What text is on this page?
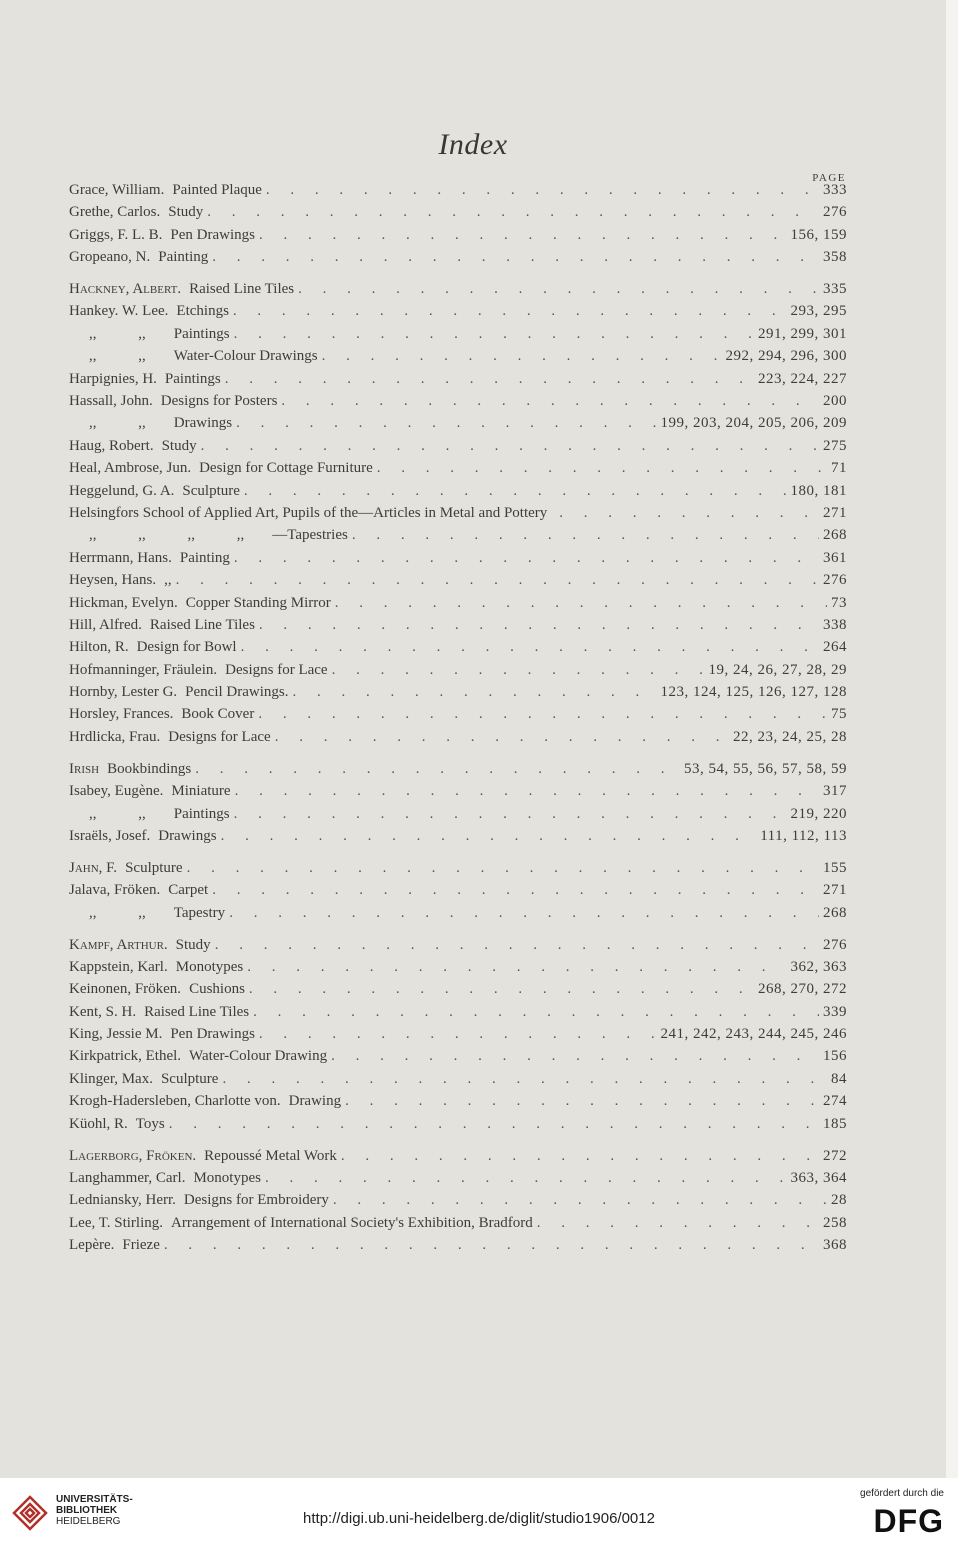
Index
PAGE
Grace, William. Painted Plaque . . .	333
Grethe, Carlos. Study . . .	276
Griggs, F. L. B. Pen Drawings . . .	156, 159
Gropeano, N. Painting . . .	358
Hackney, Albert. Raised Line Tiles . . .	335
Hankey. W. Lee. Etchings . . .	293, 295
,, ,, Paintings . . .	291, 299, 301
,, ,, Water-Colour Drawings . . .	292, 294, 296, 300
Harpignies, H. Paintings . . .	223, 224, 227
Hassall, John. Designs for Posters . . .	200
,, ,, Drawings . . .	199, 203, 204, 205, 206, 209
Haug, Robert. Study . . .	275
Heal, Ambrose, Jun. Design for Cottage Furniture . . .	71
Heggelund, G. A. Sculpture . . .	180, 181
Helsingfors School of Applied Art, Pupils of the—Articles in Metal and Pottery . . .	271
,, ,, ,, ,, —Tapestries . . .	268
Herrmann, Hans. Painting . . .	361
Heysen, Hans. ,, . . .	276
Hickman, Evelyn. Copper Standing Mirror . . .	73
Hill, Alfred. Raised Line Tiles . . .	338
Hilton, R. Design for Bowl . . .	264
Hofmanninger, Fräulein. Designs for Lace . . .	19, 24, 26, 27, 28, 29
Hornby, Lester G. Pencil Drawings. . . .	123, 124, 125, 126, 127, 128
Horsley, Frances. Book Cover . . .	75
Hrdlicka, Frau. Designs for Lace . . .	22, 23, 24, 25, 28
Irish Bookbindings . . .	53, 54, 55, 56, 57, 58, 59
Isabey, Eugène. Miniature . . .	317
,, ,, Paintings . . .	219, 220
Israëls, Josef. Drawings . . .	111, 112, 113
Jahn, F. Sculpture . . .	155
Jalava, Fröken. Carpet . . .	271
,, ,, Tapestry . . .	268
Kampf, Arthur. Study . . .	276
Kappstein, Karl. Monotypes . . .	362, 363
Keinonen, Fröken. Cushions . . .	268, 270, 272
Kent, S. H. Raised Line Tiles . . .	339
King, Jessie M. Pen Drawings . . .	241, 242, 243, 244, 245, 246
Kirkpatrick, Ethel. Water-Colour Drawing . . .	156
Klinger, Max. Sculpture . . .	84
Krogh-Hadersleben, Charlotte von. Drawing . . .	274
Küohl, R. Toys . . .	185
Lagerborg, Fröken. Repoussé Metal Work . . .	272
Langhammer, Carl. Monotypes . . .	363, 364
Ledniansky, Herr. Designs for Embroidery . . .	28
Lee, T. Stirling. Arrangement of International Society's Exhibition, Bradford . . .	258
Lepère. Frieze . . .	368
UNIVERSITÄTS-
BIBLIOTHEK
HEIDELBERG	http://digi.ub.uni-heidelberg.de/diglit/studio1906/0012
gefördert durch die
DFG
